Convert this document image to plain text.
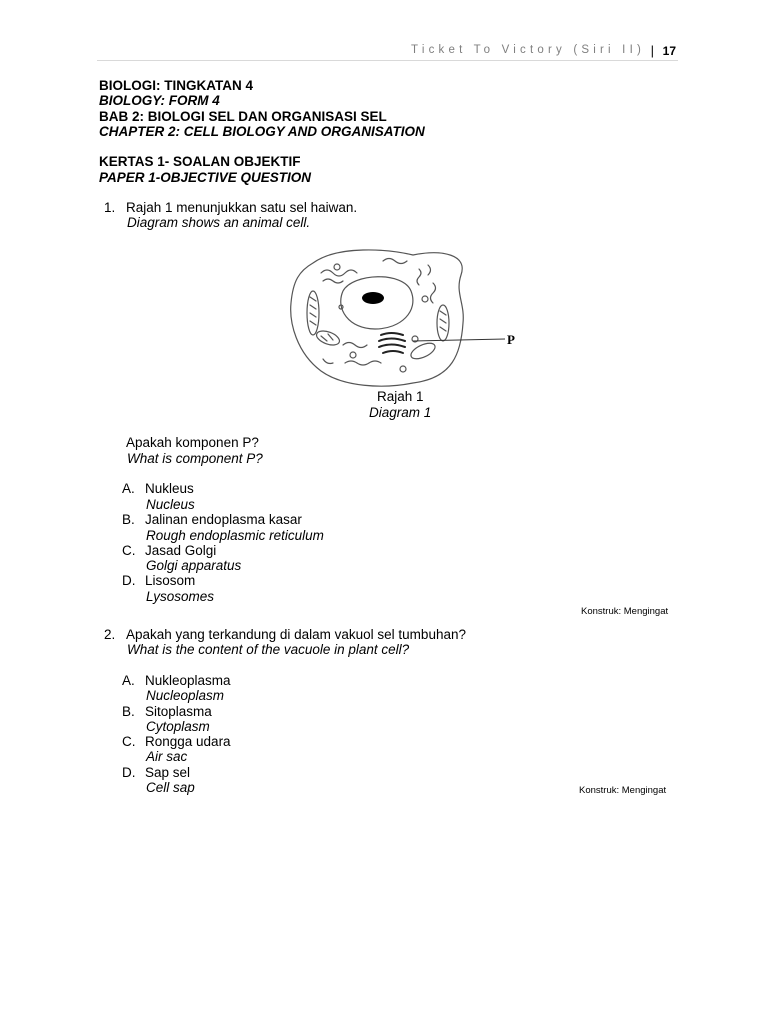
Ticket To Victory (Siri II) | 17
BIOLOGI: TINGKATAN 4
BIOLOGY: FORM 4
BAB 2: BIOLOGI SEL DAN ORGANISASI SEL
CHAPTER 2: CELL BIOLOGY AND ORGANISATION
KERTAS 1- SOALAN OBJEKTIF
PAPER 1-OBJECTIVE QUESTION
1. Rajah 1 menunjukkan satu sel haiwan.
Diagram shows an animal cell.
P
Rajah 1
Diagram 1
Apakah komponen P?
What is component P?
A. Nukleus
Nucleus
B. Jalinan endoplasma kasar
Rough endoplasmic reticulum
C. Jasad Golgi
Golgi apparatus
D. Lisosom
Lysosomes
Konstruk: Mengingat
2. Apakah yang terkandung di dalam vakuol sel tumbuhan?
What is the content of the vacuole in plant cell?
A. Nukleoplasma
Nucleoplasm
B. Sitoplasma
Cytoplasm
C. Rongga udara
Air sac
D. Sap sel
Cell sap	Konstruk: Mengingat
